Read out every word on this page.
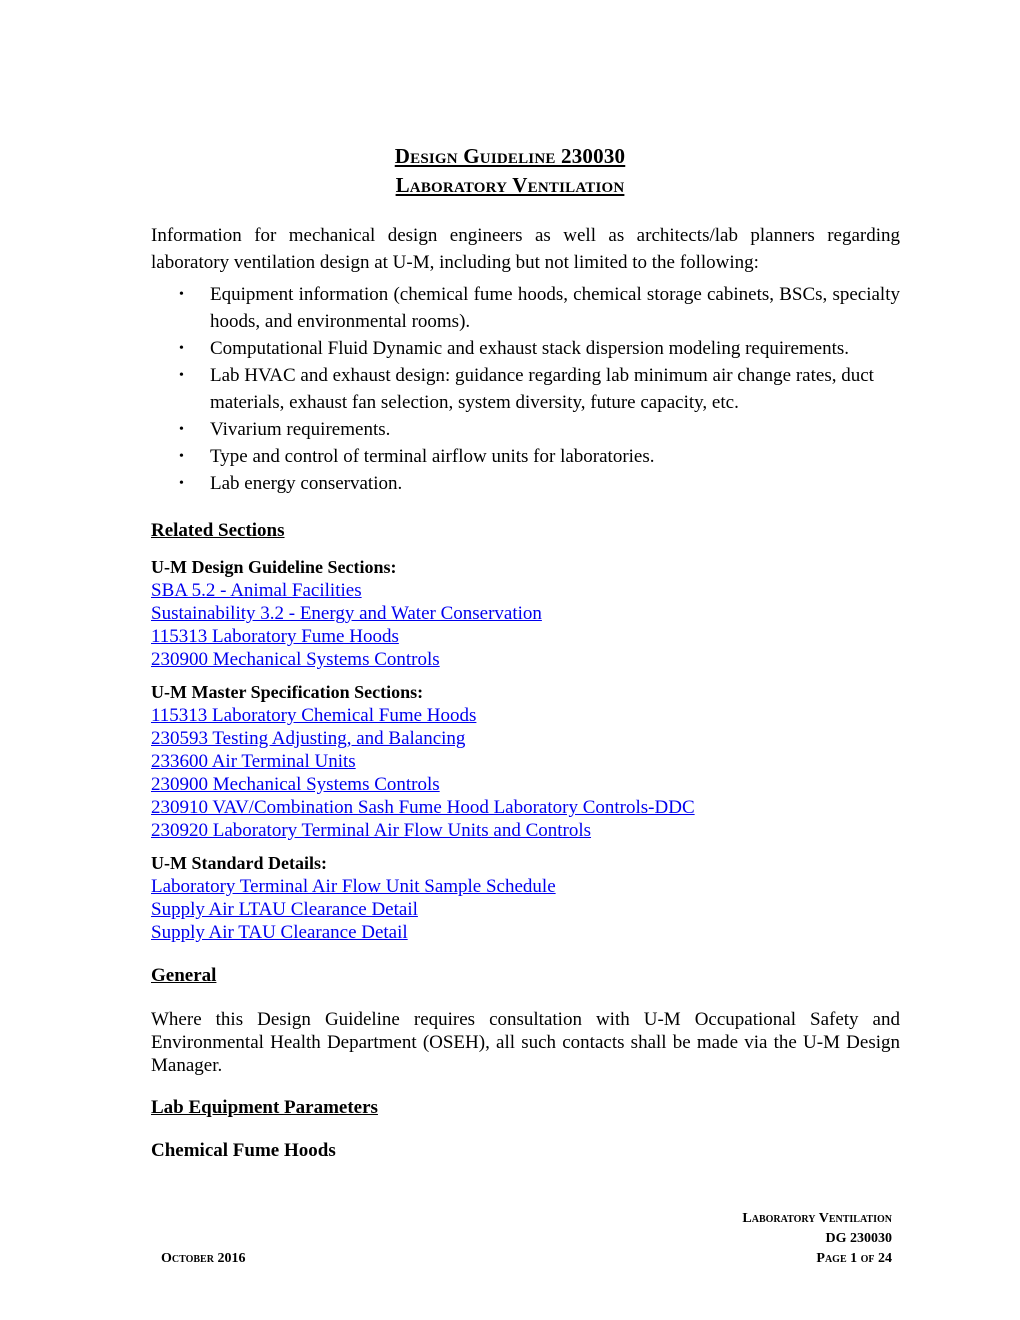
Design Guideline 230030
Laboratory Ventilation

Information for mechanical design engineers as well as architects/lab planners regarding laboratory ventilation design at U-M, including but not limited to the following:

• Equipment information (chemical fume hoods, chemical storage cabinets, BSCs, specialty hoods, and environmental rooms).
• Computational Fluid Dynamic and exhaust stack dispersion modeling requirements.
• Lab HVAC and exhaust design: guidance regarding lab minimum air change rates, duct materials, exhaust fan selection, system diversity, future capacity, etc.
• Vivarium requirements.
• Type and control of terminal airflow units for laboratories.
• Lab energy conservation.
Related Sections
U-M Design Guideline Sections:
SBA 5.2 - Animal Facilities
Sustainability 3.2 - Energy and Water Conservation
115313 Laboratory Fume Hoods
230900 Mechanical Systems Controls
U-M Master Specification Sections:
115313 Laboratory Chemical Fume Hoods
230593 Testing Adjusting, and Balancing
233600 Air Terminal Units
230900 Mechanical Systems Controls
230910 VAV/Combination Sash Fume Hood Laboratory Controls-DDC
230920 Laboratory Terminal Air Flow Units and Controls
U-M Standard Details:
Laboratory Terminal Air Flow Unit Sample Schedule
Supply Air LTAU Clearance Detail
Supply Air TAU Clearance Detail
General

Where this Design Guideline requires consultation with U-M Occupational Safety and Environmental Health Department (OSEH), all such contacts shall be made via the U-M Design Manager.

Lab Equipment Parameters
Chemical Fume Hoods
Laboratory Ventilation
DG 230030
October 2016	Page 1 of 24
